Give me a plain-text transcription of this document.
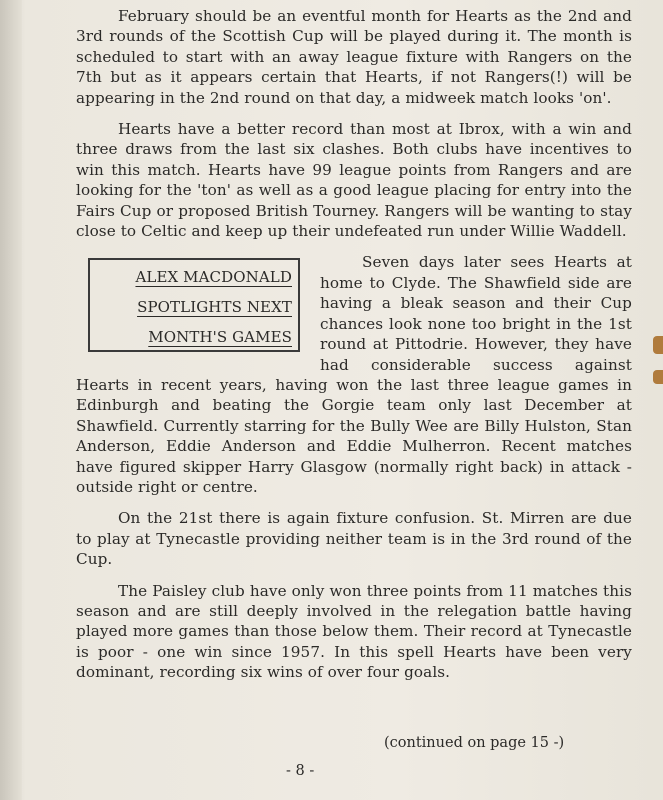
February should be an eventful month for Hearts as the 2nd and 3rd rounds of the Scottish Cup will be played during it. The month is scheduled to start with an away league fixture with Rangers on the 7th but as it appears certain that Hearts, if not Rangers(!) will be appearing in the 2nd round on that day, a midweek match looks 'on'.

Hearts have a better record than most at Ibrox, with a win and three draws from the last six clashes. Both clubs have incentives to win this match. Hearts have 99 league points from Rangers and are looking for the 'ton' as well as a good league placing for entry into the Fairs Cup or proposed British Tourney. Rangers will be wanting to stay close to Celtic and keep up their undefeated run under Willie Waddell.

ALEX MACDONALD
SPOTLIGHTS NEXT
MONTH'S GAMES

Seven days later sees Hearts at home to Clyde. The Shawfield side are having a bleak season and their Cup chances look none too bright in the 1st round at Pittodrie. However, they have had considerable success against Hearts in recent years, having won the last three league games in Edinburgh and beating the Gorgie team only last December at Shawfield. Currently starring for the Bully Wee are Billy Hulston, Stan Anderson, Eddie Anderson and Eddie Mulherron. Recent matches have figured skipper Harry Glasgow (normally right back) in attack - outside right or centre.

On the 21st there is again fixture confusion. St. Mirren are due to play at Tynecastle providing neither team is in the 3rd round of the Cup.

The Paisley club have only won three points from 11 matches this season and are still deeply involved in the relegation battle having played more games than those below them. Their record at Tynecastle is poor - one win since 1957. In this spell Hearts have been very dominant, recording six wins of over four goals.

(continued on page 15 -)
- 8 -
